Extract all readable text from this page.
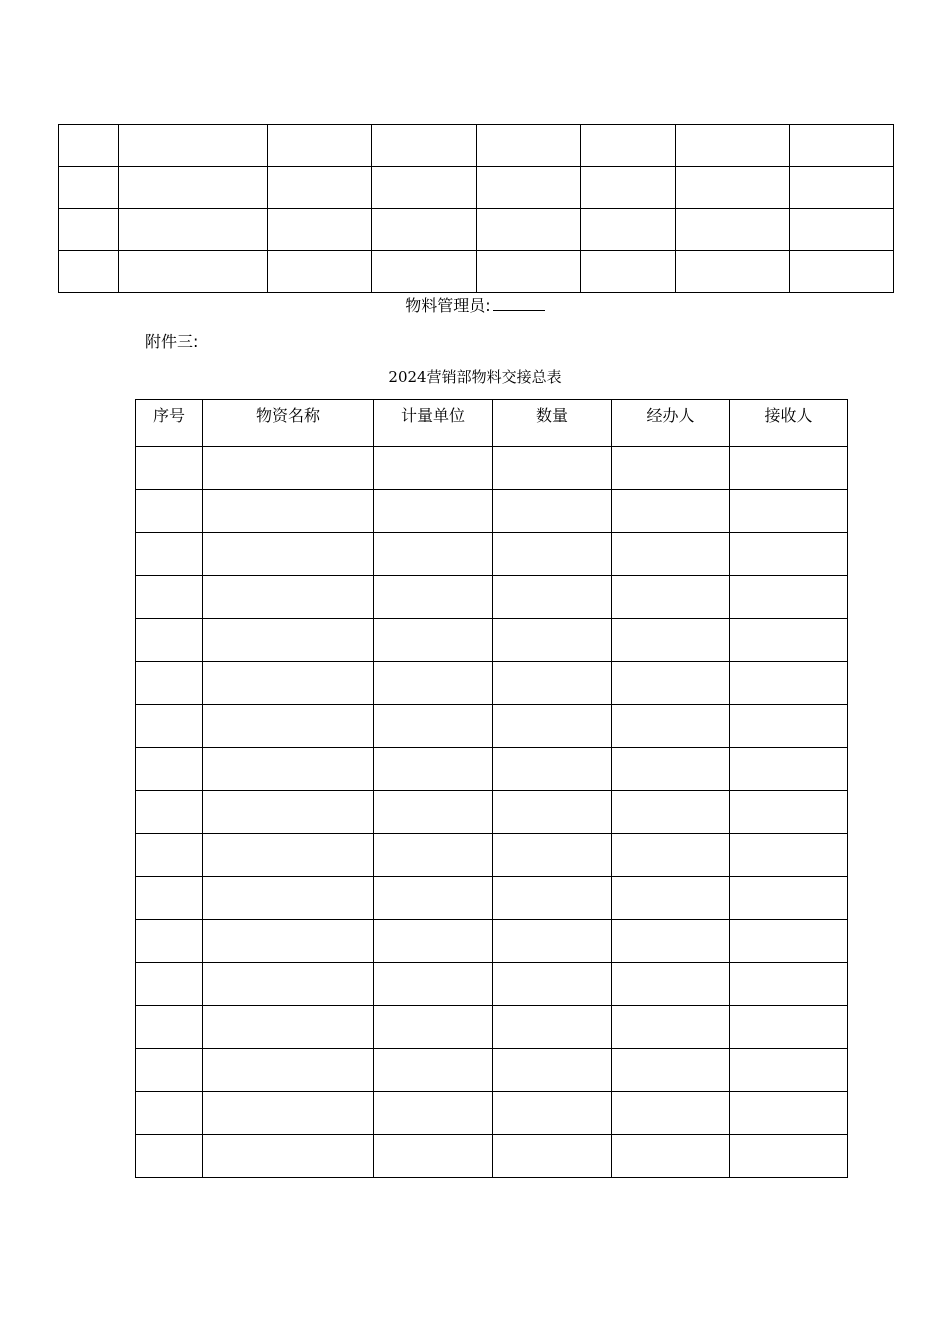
物料管理员:
附件三:
2024营销部物料交接总表
序号	物资名称	计量单位	数量	经办人	接收人
